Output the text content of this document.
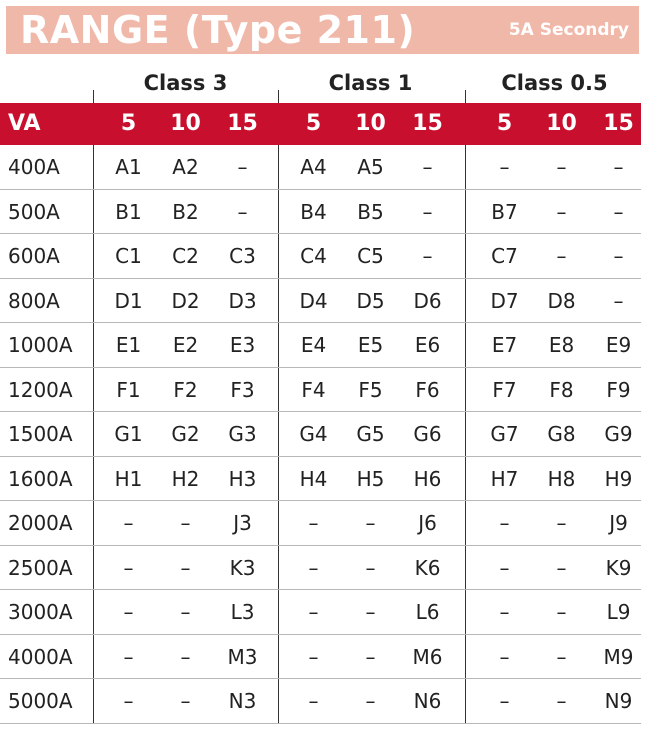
RANGE (Type 211)	5A Secondry
Class 3	Class 1	Class 0.5
VA	5	10	15	5	10	15	5	10	15
400A	A1	A2	–	A4	A5	–	–	–	–
500A	B1	B2	–	B4	B5	–	B7	–	–
600A	C1	C2	C3	C4	C5	–	C7	–	–
800A	D1	D2	D3	D4	D5	D6	D7	D8	–
1000A	E1	E2	E3	E4	E5	E6	E7	E8	E9
1200A	F1	F2	F3	F4	F5	F6	F7	F8	F9
1500A	G1	G2	G3	G4	G5	G6	G7	G8	G9
1600A	H1	H2	H3	H4	H5	H6	H7	H8	H9
2000A	–	–	J3	–	–	J6	–	–	J9
2500A	–	–	K3	–	–	K6	–	–	K9
3000A	–	–	L3	–	–	L6	–	–	L9
4000A	–	–	M3	–	–	M6	–	–	M9
5000A	–	–	N3	–	–	N6	–	–	N9
